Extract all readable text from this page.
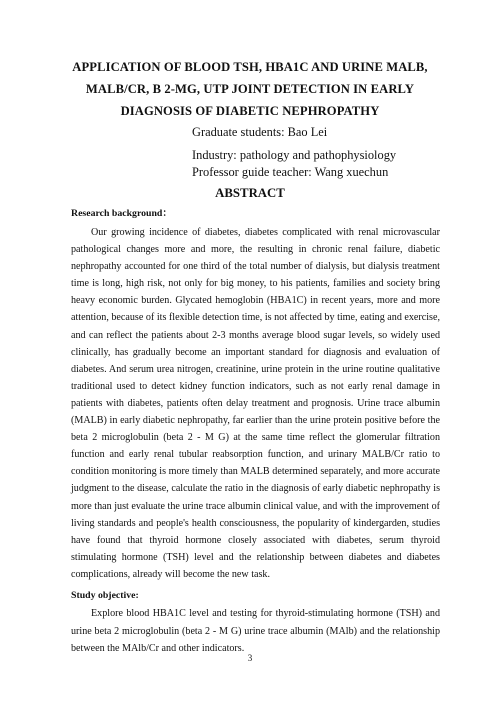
APPLICATION OF BLOOD TSH, HBA1C AND URINE MALB, MALB/CR, B 2-MG, UTP JOINT DETECTION IN EARLY DIAGNOSIS OF DIABETIC NEPHROPATHY
Graduate students: Bao Lei
Industry: pathology and pathophysiology
Professor guide teacher: Wang xuechun
ABSTRACT
Research background：

Our growing incidence of diabetes, diabetes complicated with renal microvascular pathological changes more and more, the resulting in chronic renal failure, diabetic nephropathy accounted for one third of the total number of dialysis, but dialysis treatment time is long, high risk, not only for big money, to his patients, families and society bring heavy economic burden. Glycated hemoglobin (HBA1C) in recent years, more and more attention, because of its flexible detection time, is not affected by time, eating and exercise, and can reflect the patients about 2-3 months average blood sugar levels, so widely used clinically, has gradually become an important standard for diagnosis and evaluation of diabetes. And serum urea nitrogen, creatinine, urine protein in the urine routine qualitative traditional used to detect kidney function indicators, such as not early renal damage in patients with diabetes, patients often delay treatment and prognosis. Urine trace albumin (MALB) in early diabetic nephropathy, far earlier than the urine protein positive before the beta 2 microglobulin (beta 2 - M G) at the same time reflect the glomerular filtration function and early renal tubular reabsorption function, and urinary MALB/Cr ratio to condition monitoring is more timely than MALB determined separately, and more accurate judgment to the disease, calculate the ratio in the diagnosis of early diabetic nephropathy is more than just evaluate the urine trace albumin clinical value, and with the improvement of living standards and people's health consciousness, the popularity of kindergarden, studies have found that thyroid hormone closely associated with diabetes, serum thyroid stimulating hormone (TSH) level and the relationship between diabetes and diabetes complications, already will become the new task.

Study objective:

Explore blood HBA1C level and testing for thyroid-stimulating hormone (TSH) and urine beta 2 microglobulin (beta 2 - M G) urine trace albumin (MAlb) and the relationship between the MAlb/Cr and other indicators.

3
